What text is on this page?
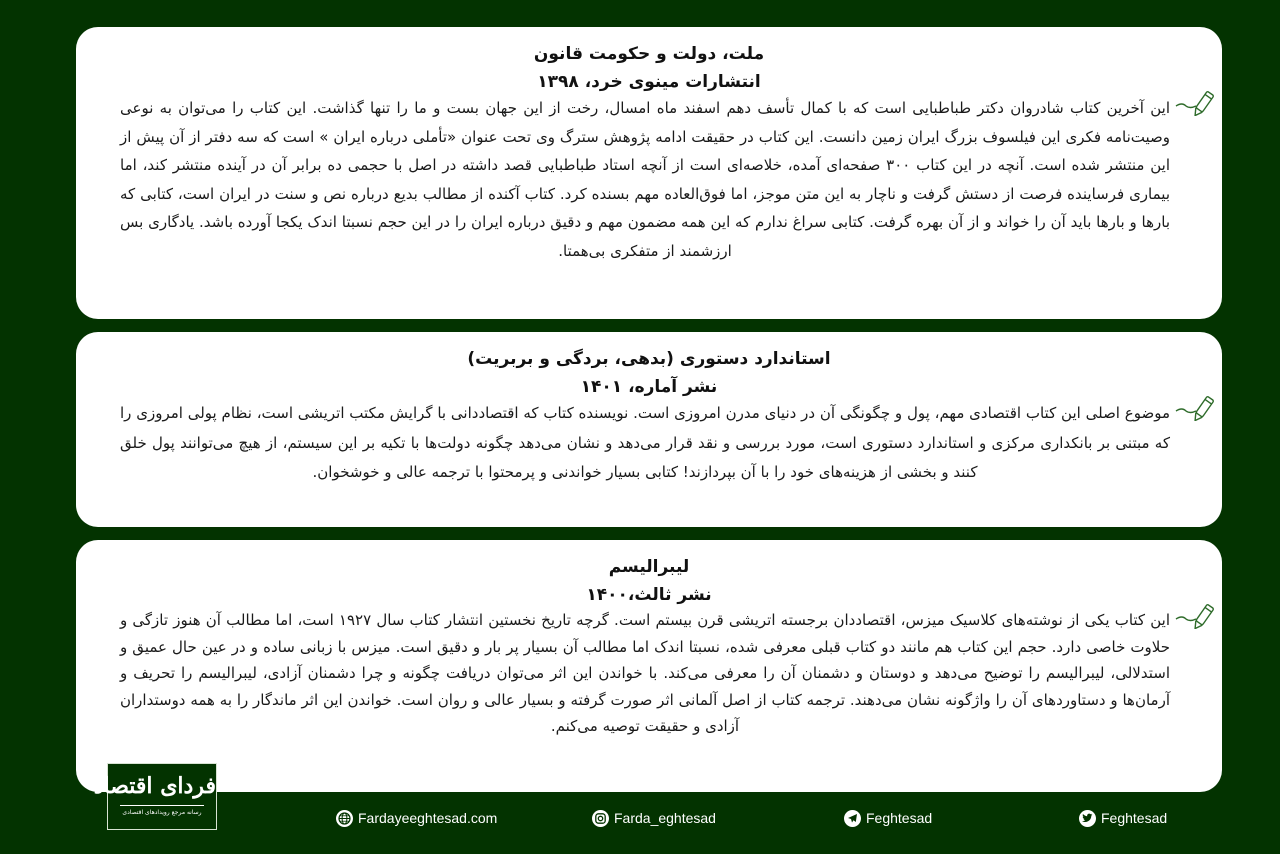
ملت، دولت و حکومت قانون
انتشارات مینوی خرد، ۱۳۹۸
این آخرین کتاب شادروان دکتر طباطبایی است که با کمال تأسف دهم اسفند ماه امسال، رخت از این جهان بست و ما را تنها گذاشت. این کتاب را می‌توان به نوعی وصیت‌نامه فکری این فیلسوف بزرگ ایران زمین دانست. این کتاب در حقیقت ادامه پژوهش سترگ وی تحت عنوان «تأملی درباره ایران » است که سه دفتر از آن پیش از این منتشر شده است. آنچه در این کتاب ۳۰۰ صفحه‌ای آمده، خلاصه‌ای است از آنچه استاد طباطبایی قصد داشته در اصل با حجمی ده برابر آن در آینده منتشر کند، اما بیماری فرساینده فرصت از دستش گرفت و ناچار به این متن موجز، اما فوق‌العاده مهم بسنده کرد. کتاب آکنده از مطالب بدیع درباره نص و سنت در ایران است، کتابی که بارها و بارها باید آن را خواند و از آن بهره گرفت. کتابی سراغ ندارم که این همه مضمون مهم و دقیق درباره ایران را در این حجم نسبتا اندک یکجا آورده باشد. یادگاری بس ارزشمند از متفکری بی‌همتا.
استاندارد دستوری (بدهی، بردگی و بربریت)
نشر آماره، ۱۴۰۱
موضوع اصلی این کتاب اقتصادی مهم، پول و چگونگی آن در دنیای مدرن امروزی است. نویسنده کتاب که اقتصاددانی با گرایش مکتب اتریشی است، نظام پولی امروزی را که مبتنی بر بانکداری مرکزی و استاندارد دستوری است، مورد بررسی و نقد قرار می‌دهد و نشان می‌دهد چگونه دولت‌ها با تکیه بر این سیستم، از هیچ می‌توانند پول خلق کنند و بخشی از هزینه‌های خود را با آن بپردازند! کتابی بسیار خواندنی و پرمحتوا با ترجمه عالی و خوشخوان.
لیبرالیسم
نشر ثالث،۱۴۰۰
این کتاب یکی از نوشته‌های کلاسیک میزس، اقتصاددان برجسته اتریشی قرن بیستم است. گرچه تاریخ نخستین انتشار کتاب سال ۱۹۲۷ است، اما مطالب آن هنوز تازگی و حلاوت خاصی دارد. حجم این کتاب هم مانند دو کتاب قبلی معرفی شده، نسبتا اندک اما مطالب آن بسیار پر بار و دقیق است. میزس با زبانی ساده و در عین حال عمیق و استدلالی، لیبرالیسم را توضیح می‌دهد و دوستان و دشمنان آن را معرفی می‌کند. با خواندن این اثر می‌توان دریافت چگونه و چرا دشمنان آزادی، لیبرالیسم را تحریف و آرمان‌ها و دستاوردهای آن را واژگونه نشان می‌دهند. ترجمه کتاب از اصل آلمانی اثر صورت گرفته و بسیار عالی و روان است. خواندن این اثر ماندگار را به همه دوستداران آزادی و حقیقت توصیه می‌کنم.
فردای اقتصاد
رسانه مرجع رویدادهای اقتصادی	Fardayeeghtesad.com	Farda_eghtesad	Feghtesad	Feghtesad
